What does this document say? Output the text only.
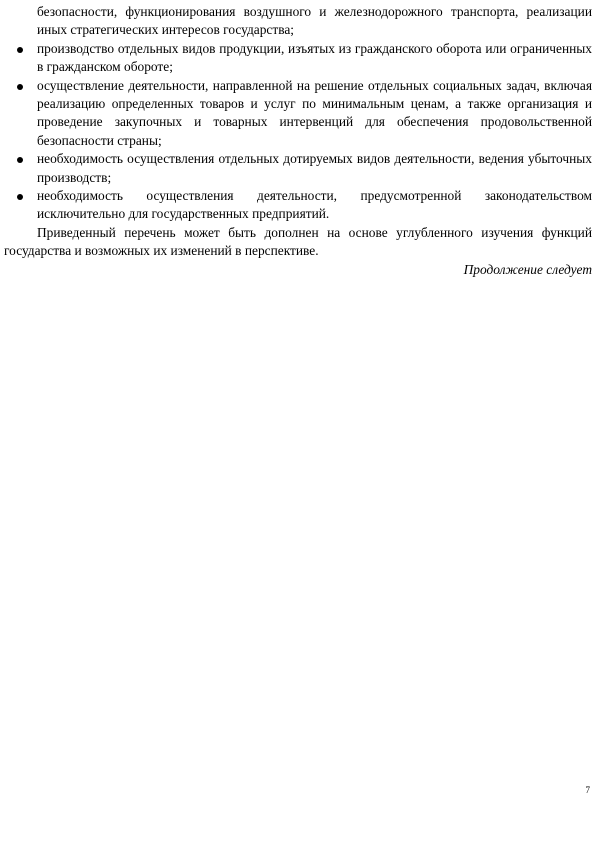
безопасности, функционирования воздушного и железнодорожного транспорта, реализации иных стратегических интересов государства;

производство отдельных видов продукции, изъятых из гражданского оборота или ограниченных в гражданском обороте;
осуществление деятельности, направленной на решение отдельных социальных задач, включая реализацию определенных товаров и услуг по минимальным ценам, а также организация и проведение закупочных и товарных интервенций для обеспечения продовольственной безопасности страны;
необходимость осуществления отдельных дотируемых видов деятельности, ведения убыточных производств;
необходимость осуществления деятельности, предусмотренной законодательством исключительно для государственных предприятий.

Приведенный перечень может быть дополнен на основе углубленного изучения функций государства и возможных их изменений в перспективе.

Продолжение следует

7
